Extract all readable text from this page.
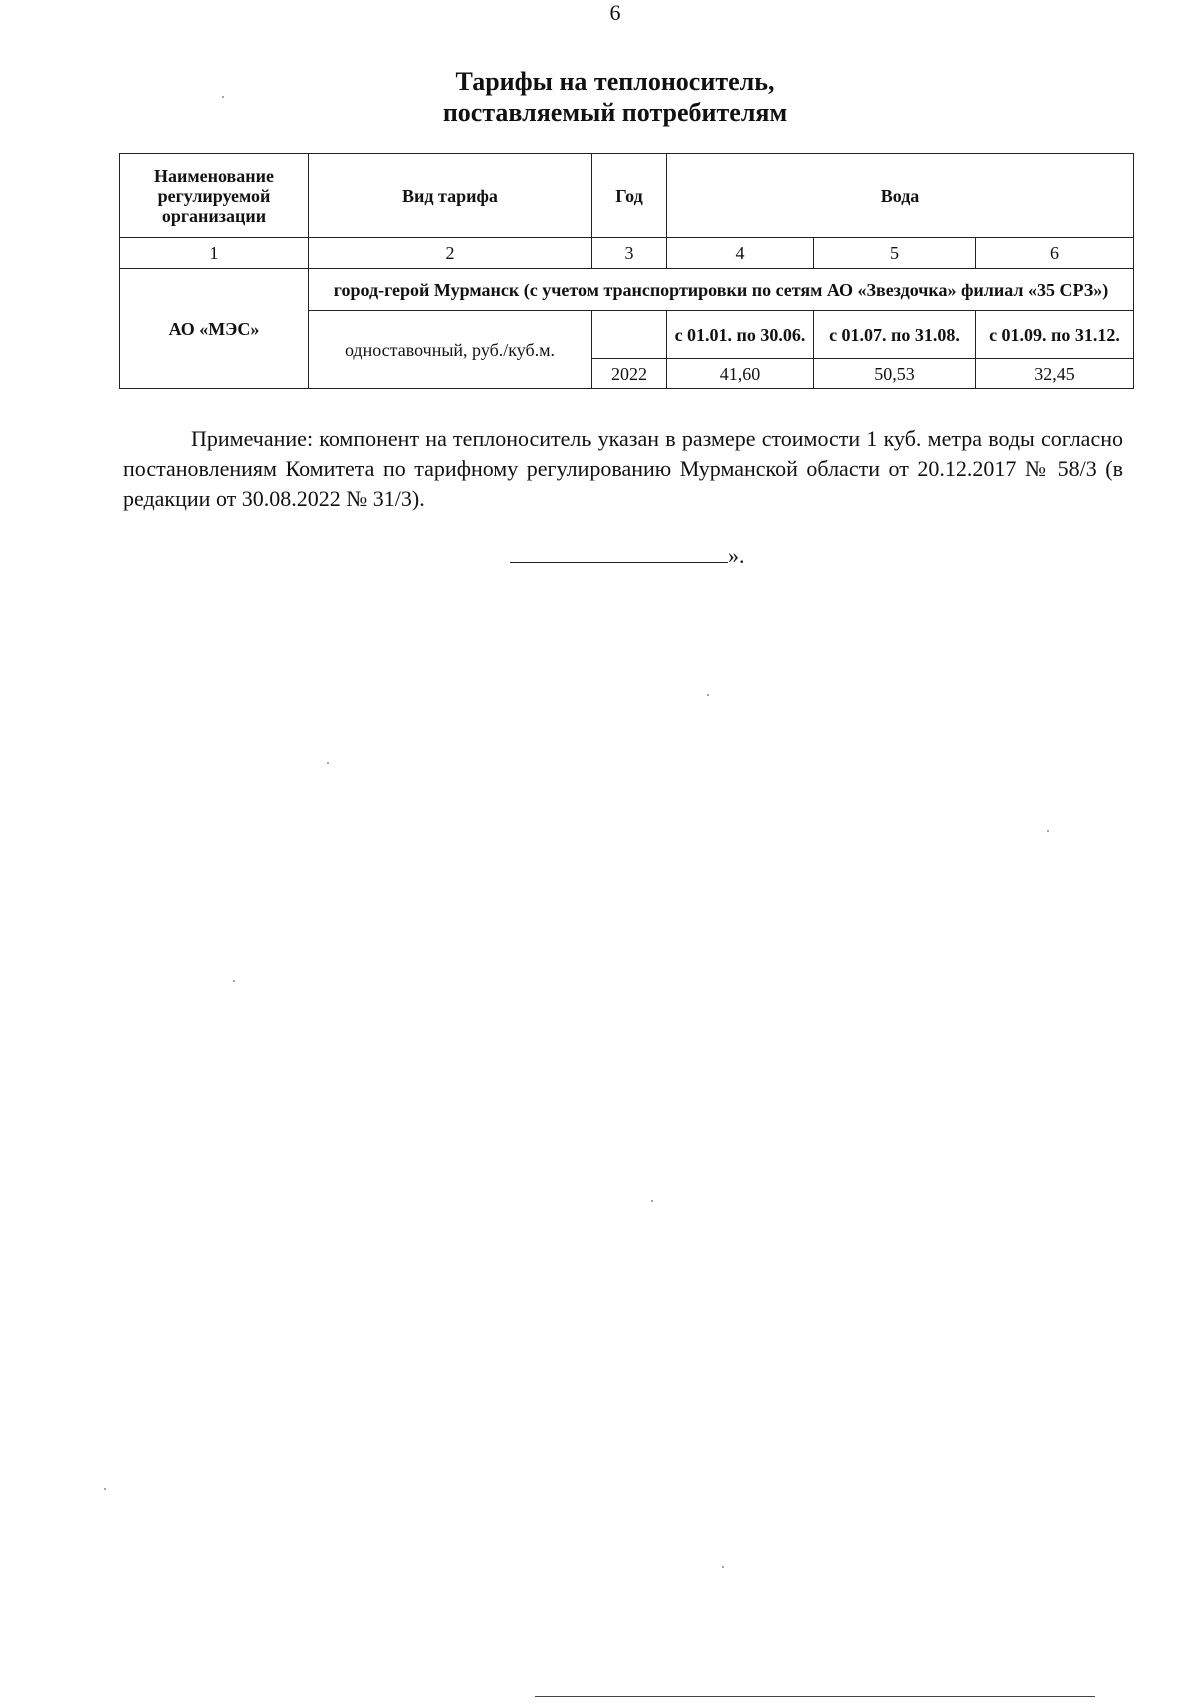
6
Тарифы на теплоноситель,
поставляемый потребителям
Наименование регулируемой организации	Вид тарифа	Год	Вода		
1	2	3	4	5	6
АО «МЭС»	город-герой Мурманск (с учетом транспортировки по сетям АО «Звездочка» филиал «35 СРЗ»)				
	одноставочный, руб./куб.м.		с 01.01. по 30.06.	с 01.07. по 31.08.	с 01.09. по 31.12.
		2022	41,60	50,53	32,45
Примечание: компонент на теплоноситель указан в размере стоимости 1 куб. метра воды согласно постановлениям Комитета по тарифному регулированию Мурманской области от 20.12.2017 № 58/3 (в редакции от 30.08.2022 № 31/3).
».
